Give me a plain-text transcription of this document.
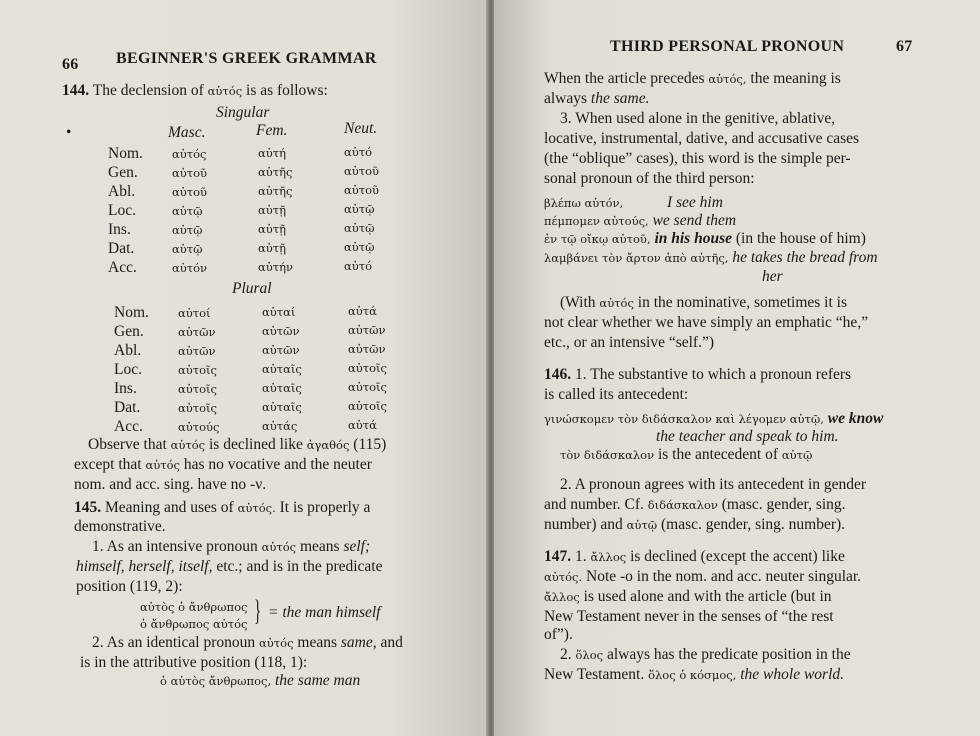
66 BEGINNER'S GREEK GRAMMAR
144. The declension of αὐτός is as follows:
Singular
•	Masc.	Fem.	Neut.
Nom.	αὐτός	αὐτή	αὐτό
Gen.	αὐτοῦ	αὐτῆς	αὐτοῦ
Abl.	αὐτοῦ	αὐτῆς	αὐτοῦ
Loc.	αὐτῷ	αὐτῇ	αὐτῷ
Ins.	αὐτῷ	αὐτῇ	αὐτῷ
Dat.	αὐτῷ	αὐτῇ	αὐτῷ
Acc.	αὐτόν	αὐτήν	αὐτό
Plural
Nom.	αὐτοί	αὐταί	αὐτά
Gen.	αὐτῶν	αὐτῶν	αὐτῶν
Abl.	αὐτῶν	αὐτῶν	αὐτῶν
Loc.	αὐτοῖς	αὐταῖς	αὐτοῖς
Ins.	αὐτοῖς	αὐταῖς	αὐτοῖς
Dat.	αὐτοῖς	αὐταῖς	αὐτοῖς
Acc.	αὐτούς	αὐτάς	αὐτά
Observe that αὐτός is declined like ἀγαθός (115)
except that αὐτός has no vocative and the neuter
nom. and acc. sing. have no -ν.
145. Meaning and uses of αὐτός. It is properly a
demonstrative.
1. As an intensive pronoun αὐτός means self;
himself, herself, itself, etc.; and is in the predicate
position (119, 2):
αὐτὸς ὁ ἄνθρωπος
ὁ ἄνθρωπος αὐτός } = the man himself
2. As an identical pronoun αὐτός means same, and
is in the attributive position (118, 1):
ὁ αὐτὸς ἄνθρωπος, the same man
THIRD PERSONAL PRONOUN	67
When the article precedes αὐτός, the meaning is
always the same.
3. When used alone in the genitive, ablative,
locative, instrumental, dative, and accusative cases
(the “oblique” cases), this word is the simple per-
sonal pronoun of the third person:
βλέπω αὐτόν,	I see him
πέμπομεν αὐτούς, we send them
ἐν τῷ οἴκῳ αὐτοῦ, in his house (in the house of him)
λαμβάνει τὸν ἄρτον ἀπὸ αὐτῆς, he takes the bread from
her
(With αὐτός in the nominative, sometimes it is
not clear whether we have simply an emphatic “he,”
etc., or an intensive “self.”)
146. 1. The substantive to which a pronoun refers
is called its antecedent:
γινώσκομεν τὸν διδάσκαλον καὶ λέγομεν αὐτῷ, we know
the teacher and speak to him.
τὸν διδάσκαλον is the antecedent of αὐτῷ
2. A pronoun agrees with its antecedent in gender
and number. Cf. διδάσκαλον (masc. gender, sing.
number) and αὐτῷ (masc. gender, sing. number).
147. 1. ἄλλος is declined (except the accent) like
αὐτός. Note -ο in the nom. and acc. neuter singular.
ἄλλος is used alone and with the article (but in
New Testament never in the senses of “the rest
of”).
2. ὅλος always has the predicate position in the
New Testament. ὅλος ὁ κόσμος, the whole world.
